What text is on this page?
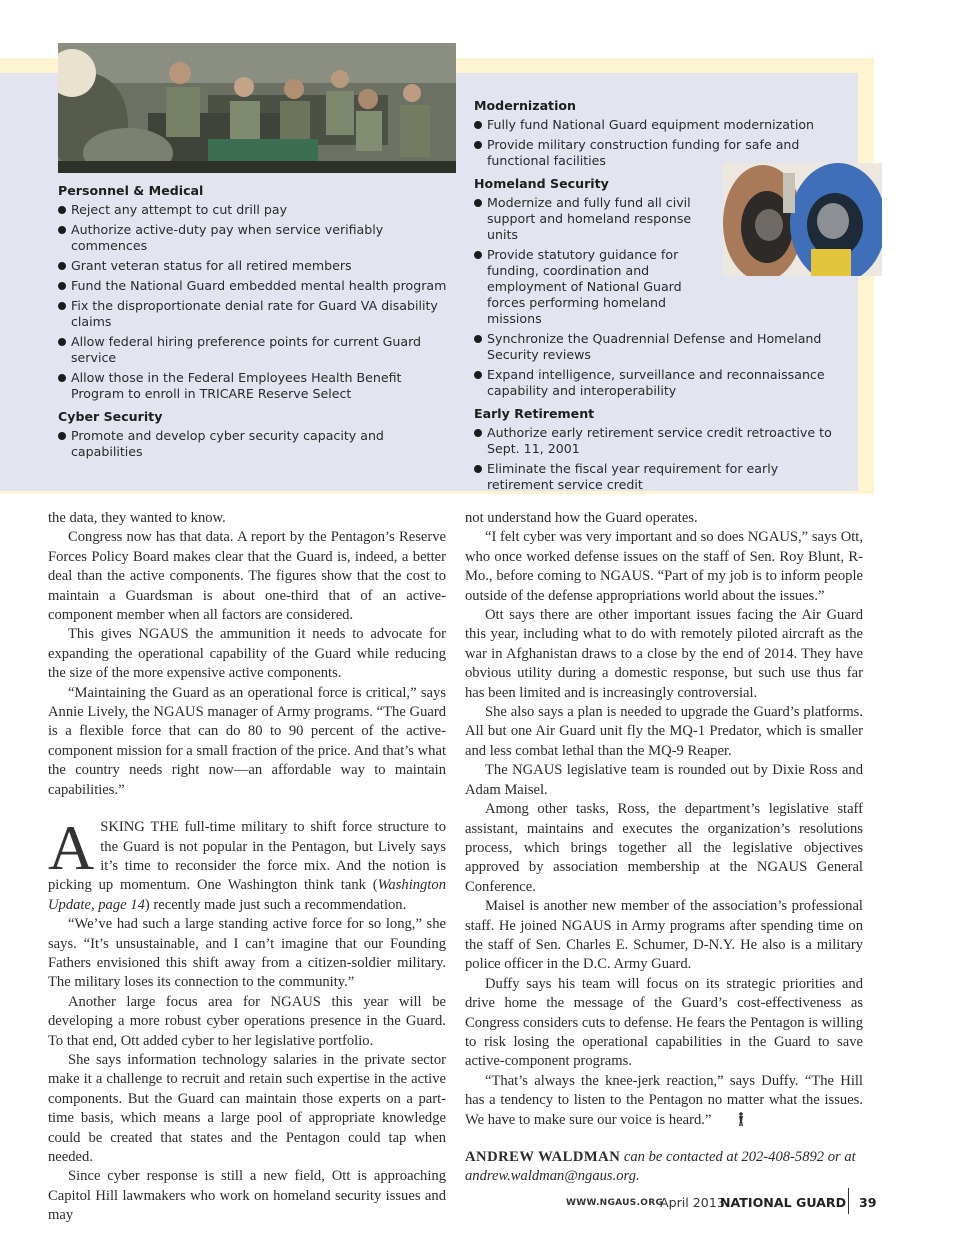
Personnel & Medical
Reject any attempt to cut drill pay
Authorize active-duty pay when service verifiably commences
Grant veteran status for all retired members
Fund the National Guard embedded mental health program
Fix the disproportionate denial rate for Guard VA disability claims
Allow federal hiring preference points for current Guard service
Allow those in the Federal Employees Health Benefit Program to enroll in TRICARE Reserve Select
Cyber Security
Promote and develop cyber security capacity and capabilities
Modernization
Fully fund National Guard equipment modernization
Provide military construction funding for safe and functional facilities
Homeland Security
Modernize and fully fund all civil support and homeland response units
Provide statutory guidance for funding, coordination and employment of National Guard forces performing homeland missions
Synchronize the Quadrennial Defense and Homeland Security reviews
Expand intelligence, surveillance and reconnaissance capability and interoperability
Early Retirement
Authorize early retirement service credit retroactive to Sept. 11, 2001
Eliminate the fiscal year requirement for early retirement service credit

the data, they wanted to know.

Congress now has that data. A report by the Pentagon’s Reserve Forces Policy Board makes clear that the Guard is, indeed, a better deal than the active components. The figures show that the cost to maintain a Guardsman is about one-third that of an active-component member when all factors are considered.

This gives NGAUS the ammunition it needs to advocate for expanding the operational capability of the Guard while reducing the size of the more expensive active components.

“Maintaining the Guard as an operational force is critical,” says Annie Lively, the NGAUS manager of Army programs. “The Guard is a flexible force that can do 80 to 90 percent of the active-component mission for a small fraction of the price. And that’s what the country needs right now—an affordable way to maintain capabilities.”

ASKING THE full-time military to shift force structure to the Guard is not popular in the Pentagon, but Lively says it’s time to reconsider the force mix. And the notion is picking up momentum. One Washington think tank (Washington Update, page 14) recently made just such a recommendation.

“We’ve had such a large standing active force for so long,” she says. “It’s unsustainable, and I can’t imagine that our Founding Fathers envisioned this shift away from a citizen-soldier military. The military loses its connection to the community.”

Another large focus area for NGAUS this year will be developing a more robust cyber operations presence in the Guard. To that end, Ott added cyber to her legislative portfolio.

She says information technology salaries in the private sector make it a challenge to recruit and retain such expertise in the active components. But the Guard can maintain those experts on a part-time basis, which means a large pool of appropriate knowledge could be created that states and the Pentagon could tap when needed.

Since cyber response is still a new field, Ott is approaching Capitol Hill lawmakers who work on homeland security issues and may

not understand how the Guard operates.

“I felt cyber was very important and so does NGAUS,” says Ott, who once worked defense issues on the staff of Sen. Roy Blunt, R-Mo., before coming to NGAUS. “Part of my job is to inform people outside of the defense appropriations world about the issues.”

Ott says there are other important issues facing the Air Guard this year, including what to do with remotely piloted aircraft as the war in Afghanistan draws to a close by the end of 2014. They have obvious utility during a domestic response, but such use thus far has been limited and is increasingly controversial.

She also says a plan is needed to upgrade the Guard’s platforms. All but one Air Guard unit fly the MQ-1 Predator, which is smaller and less combat lethal than the MQ-9 Reaper.

The NGAUS legislative team is rounded out by Dixie Ross and Adam Maisel.

Among other tasks, Ross, the department’s legislative staff assistant, maintains and executes the organization’s resolutions process, which brings together all the legislative objectives approved by association membership at the NGAUS General Conference.

Maisel is another new member of the association’s professional staff. He joined NGAUS in Army programs after spending time on the staff of Sen. Charles E. Schumer, D-N.Y. He also is a military police officer in the D.C. Army Guard.

Duffy says his team will focus on its strategic priorities and drive home the message of the Guard’s cost-effectiveness as Congress considers cuts to defense. He fears the Pentagon is willing to risk losing the operational capabilities in the Guard to save active-component programs.

“That’s always the knee-jerk reaction,” says Duffy. “The Hill has a tendency to listen to the Pentagon no matter what the issues. We have to make sure our voice is heard.”

ANDREW WALDMAN can be contacted at 202-408-5892 or at andrew.waldman@ngaus.org.

WWW.NGAUS.ORG
April 2013
NATIONAL GUARD 39
